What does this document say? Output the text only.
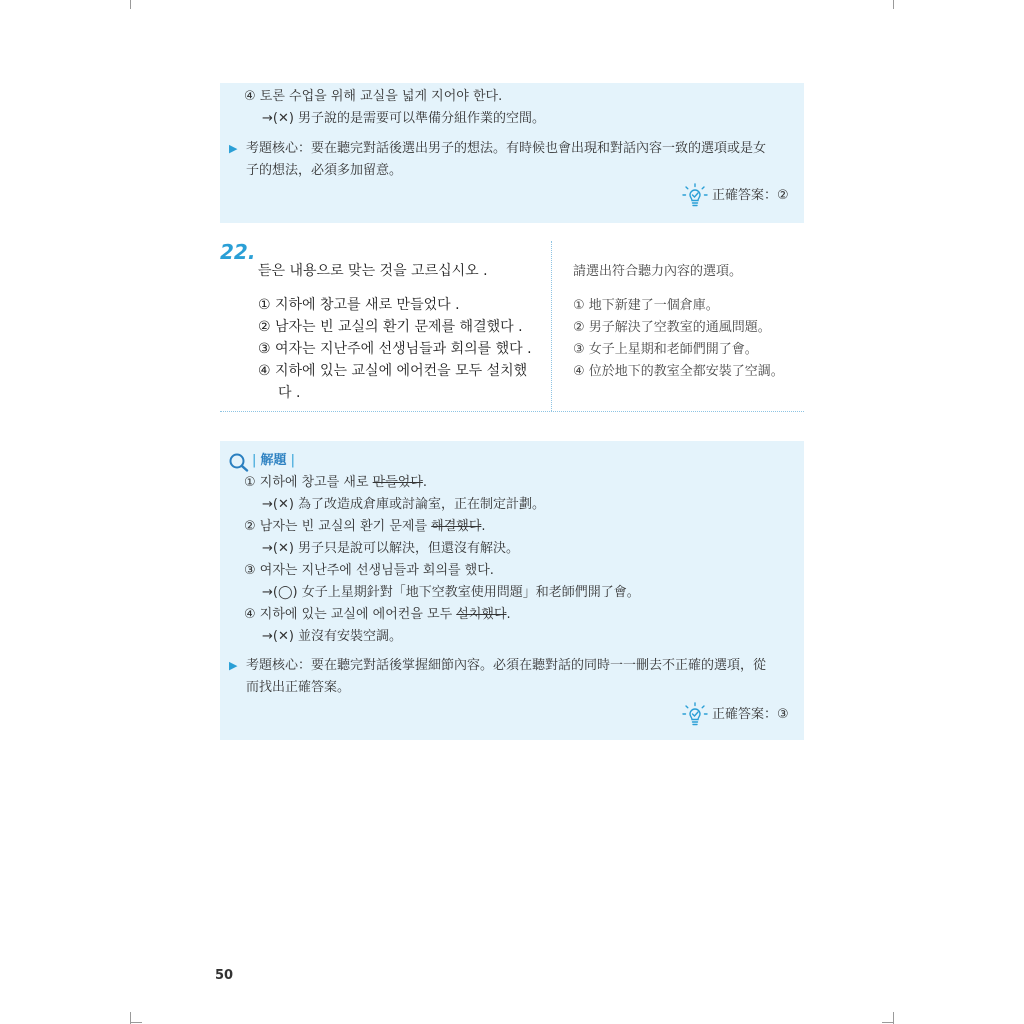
④ 토론 수업을 위해 교실을 넓게 지어야 한다.
→(✕) 男子說的是需要可以準備分組作業的空間。
▶ 考題核心：要在聽完對話後選出男子的想法。有時候也會出現和對話內容一致的選項或是女
子的想法，必須多加留意。
正確答案：②
22.
듣은 내용으로 맞는 것을 고르십시오 .	請選出符合聽力內容的選項。
① 지하에 창고를 새로 만들었다 .
② 남자는 빈 교실의 환기 문제를 해결했다 .
③ 여자는 지난주에 선생님들과 회의를 했다 .
④ 지하에 있는 교실에 에어컨을 모두 설치했
다 .
① 地下新建了一個倉庫。
② 男子解決了空教室的通風問題。
③ 女子上星期和老師們開了會。
④ 位於地下的教室全都安裝了空調。
| 解題 |
① 지하에 창고를 새로 만들었다.
→(✕) 為了改造成倉庫或討論室，正在制定計劃。
② 남자는 빈 교실의 환기 문제를 해결했다.
→(✕) 男子只是說可以解決，但還沒有解決。
③ 여자는 지난주에 선생님들과 회의를 했다.
→(◯) 女子上星期針對「地下空教室使用問題」和老師們開了會。
④ 지하에 있는 교실에 에어컨을 모두 설치했다.
→(✕) 並沒有安裝空調。
▶ 考題核心：要在聽完對話後掌握細節內容。必須在聽對話的同時一一刪去不正確的選項，從
而找出正確答案。
正確答案：③
50
